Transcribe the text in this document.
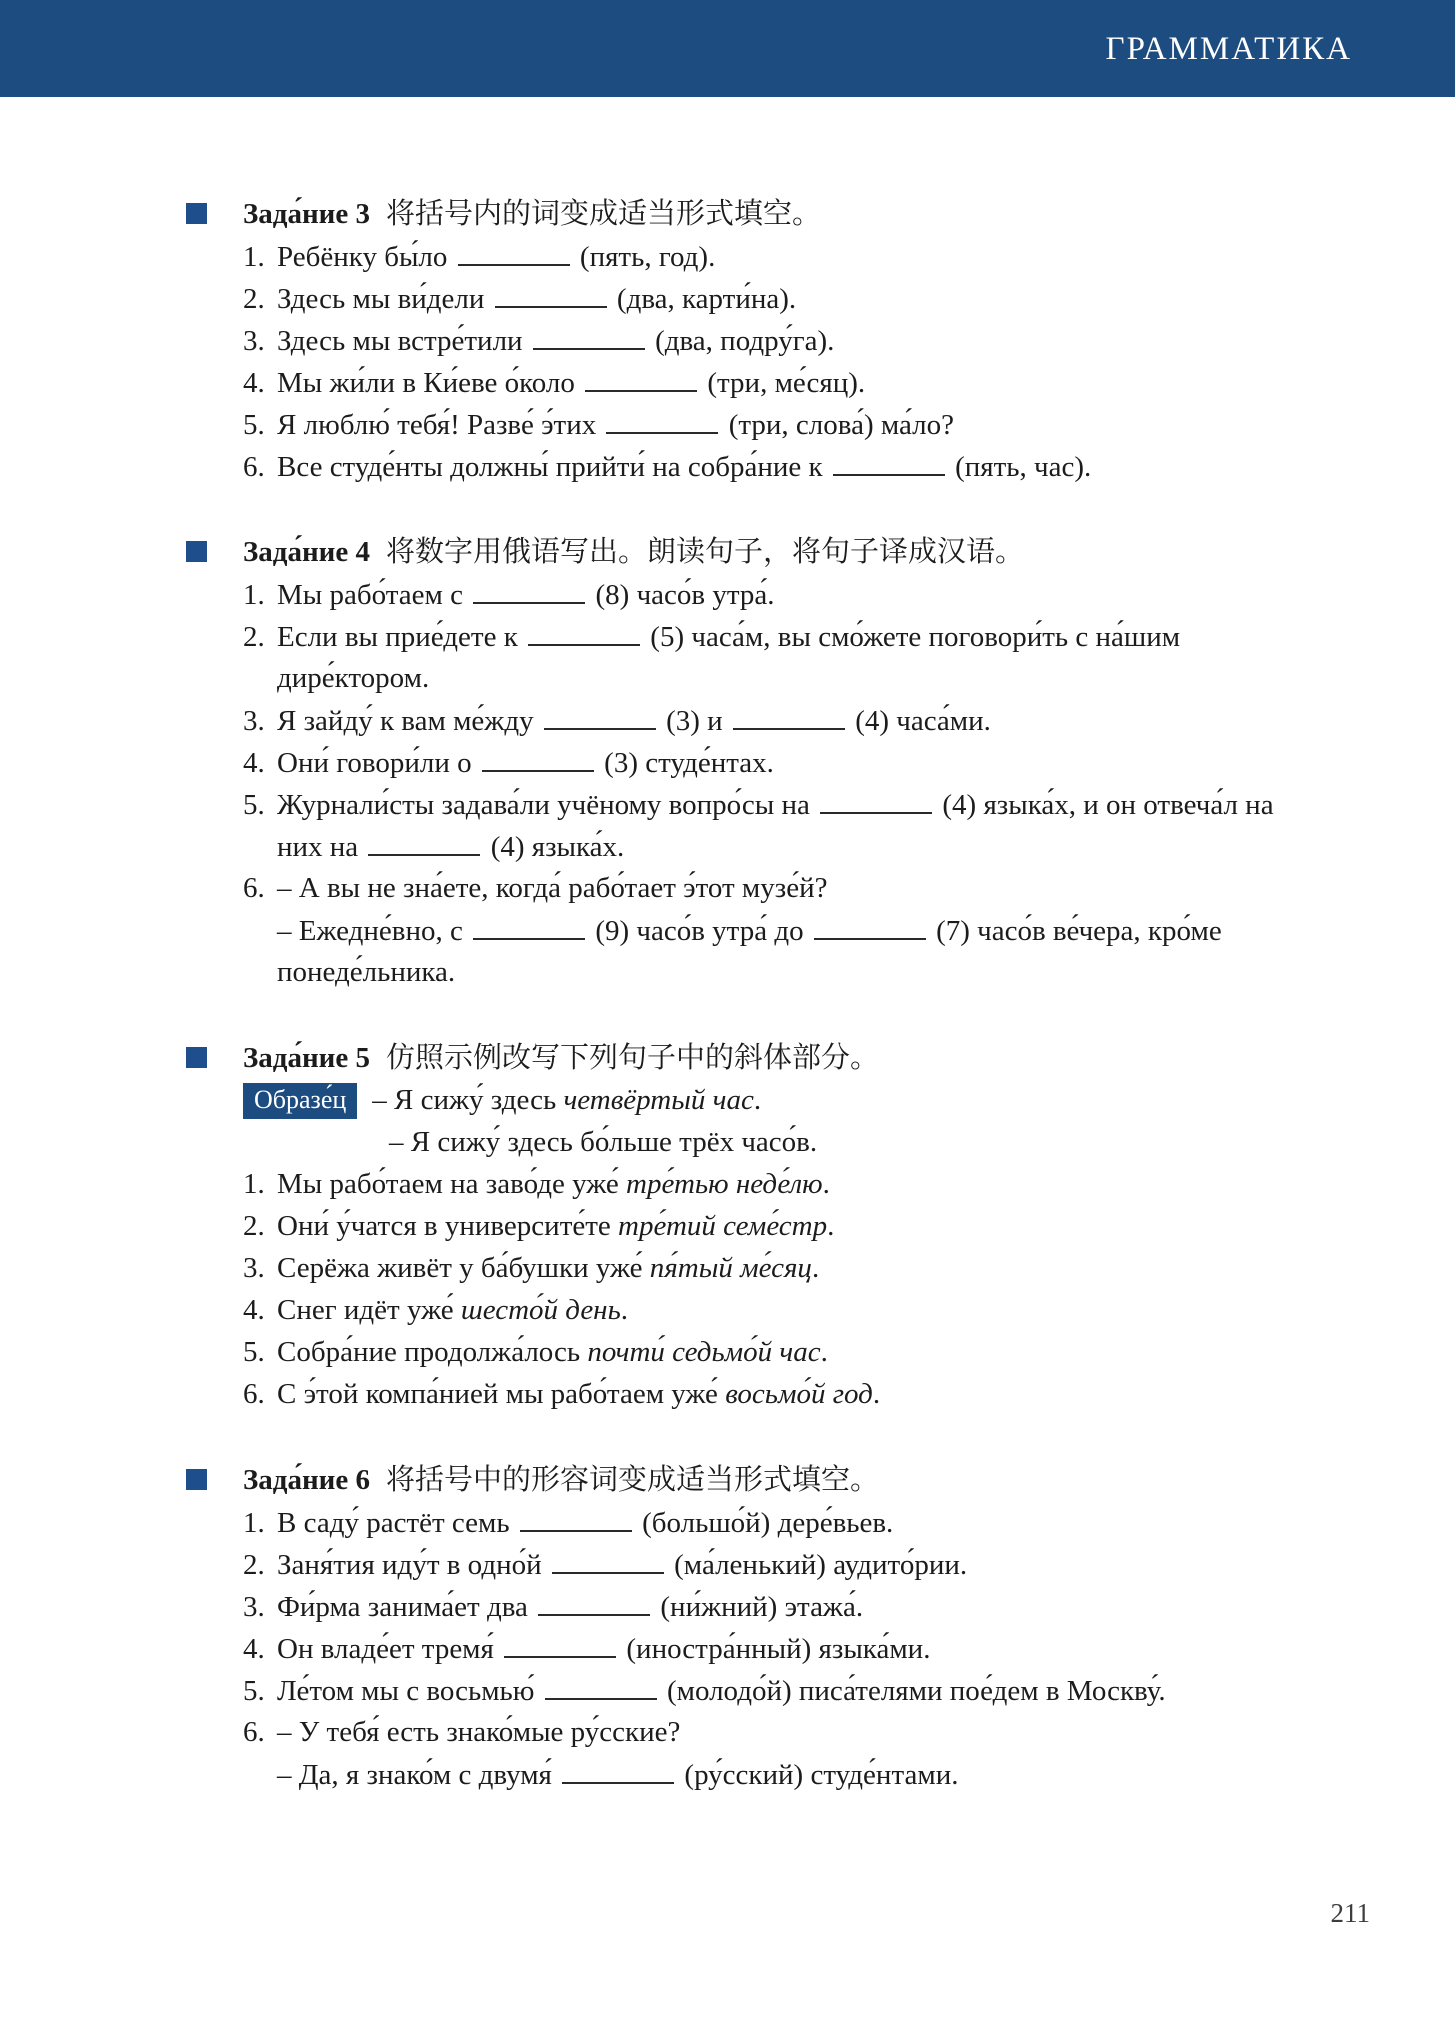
ГРАММАТИКА
Зада́ние 3 将括号内的词变成适当形式填空。
1. Ребёнку бы́ло	(пять, год).
2. Здесь мы ви́дели	(два, карти́на).
3. Здесь мы встре́тили	(два, подру́га).
4. Мы жи́ли в Ки́еве о́коло	(три, ме́сяц).
5. Я люблю́ тебя́! Разве́ э́тих	(три, слова́) ма́ло?
6. Все студе́нты должны́ прийти́ на собра́ние к	(пять, час).
Зада́ние 4 将数字用俄语写出。朗读句子，将句子译成汉语。
1. Мы рабо́таем с	(8) часо́в утра́.
2. Если вы прие́дете к	(5) часа́м, вы смо́жете поговори́ть с на́шим
дире́ктором.
3. Я зайду́ к вам ме́жду	(3) и	(4) часа́ми.
4. Они́ говори́ли о	(3) студе́нтах.
5. Журнали́сты задава́ли учёному вопро́сы на	(4) языка́х, и он отвеча́л на
них на	(4) языка́х.
6. – А вы не зна́ете, когда́ рабо́тает э́тот музе́й?
– Ежедне́вно, с	(9) часо́в утра́ до	(7) часо́в ве́чера, кро́ме
понеде́льника.
Зада́ние 5 仿照示例改写下列句子中的斜体部分。
Образе́ц – Я сижу́ здесь четвёртый час.
– Я сижу́ здесь бо́льше трёх часо́в.
1. Мы рабо́таем на заво́де уже́ тре́тью неде́лю.
2. Они́ у́чатся в университе́те тре́тий семе́стр.
3. Серёжа живёт у ба́бушки уже́ пя́тый ме́сяц.
4. Снег идёт уже́ шесто́й день.
5. Собра́ние продолжа́лось почти́ седьмо́й час.
6. С э́той компа́нией мы рабо́таем уже́ восьмо́й год.
Зада́ние 6 将括号中的形容词变成适当形式填空。
1. В саду́ растёт семь	(большо́й) дере́вьев.
2. Заня́тия иду́т в одно́й	(ма́ленький) аудито́рии.
3. Фи́рма занима́ет два	(ни́жний) этажа́.
4. Он владе́ет тремя́	(иностра́нный) языка́ми.
5. Ле́том мы с восьмью́	(молодо́й) писа́телями пое́дем в Москву́.
6. – У тебя́ есть знако́мые ру́сские?
– Да, я знако́м с двумя́	(ру́сский) студе́нтами.
211
